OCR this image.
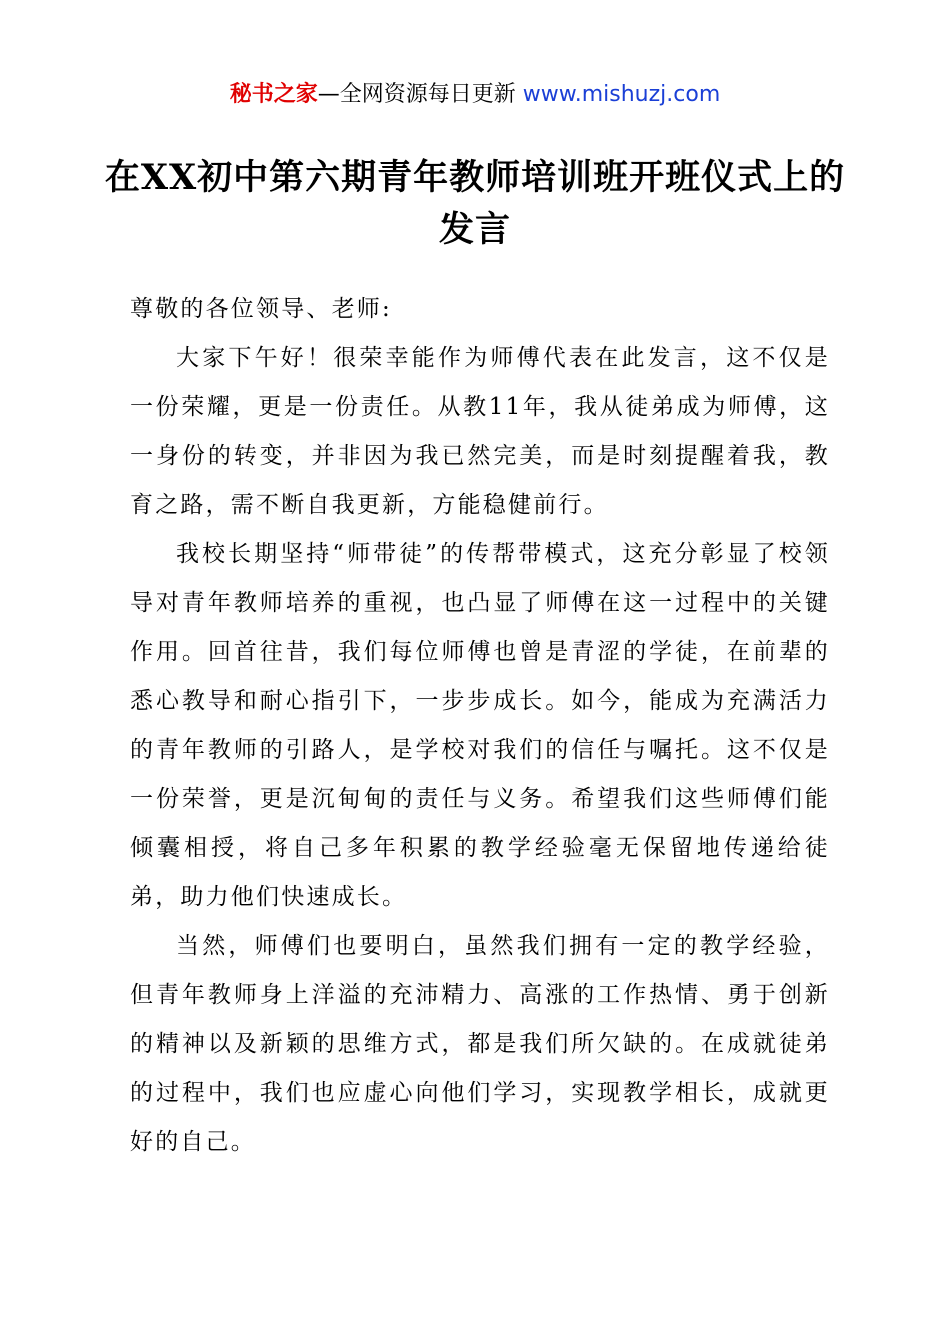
秘书之家—全网资源每日更新 www.mishuzj.com
在XX初中第六期青年教师培训班开班仪式上的发言

尊敬的各位领导、老师:

大家下午好！很荣幸能作为师傅代表在此发言，这不仅是一份荣耀，更是一份责任。从教11年，我从徒弟成为师傅，这一身份的转变，并非因为我已然完美，而是时刻提醒着我，教育之路，需不断自我更新，方能稳健前行。

我校长期坚持“师带徒”的传帮带模式，这充分彰显了校领导对青年教师培养的重视，也凸显了师傅在这一过程中的关键作用。回首往昔，我们每位师傅也曾是青涩的学徒，在前辈的悉心教导和耐心指引下，一步步成长。如今，能成为充满活力的青年教师的引路人，是学校对我们的信任与嘱托。这不仅是一份荣誉，更是沉甸甸的责任与义务。希望我们这些师傅们能倾囊相授，将自己多年积累的教学经验毫无保留地传递给徒弟，助力他们快速成长。

当然，师傅们也要明白，虽然我们拥有一定的教学经验，但青年教师身上洋溢的充沛精力、高涨的工作热情、勇于创新的精神以及新颖的思维方式，都是我们所欠缺的。在成就徒弟的过程中，我们也应虚心向他们学习，实现教学相长，成就更好的自己。
